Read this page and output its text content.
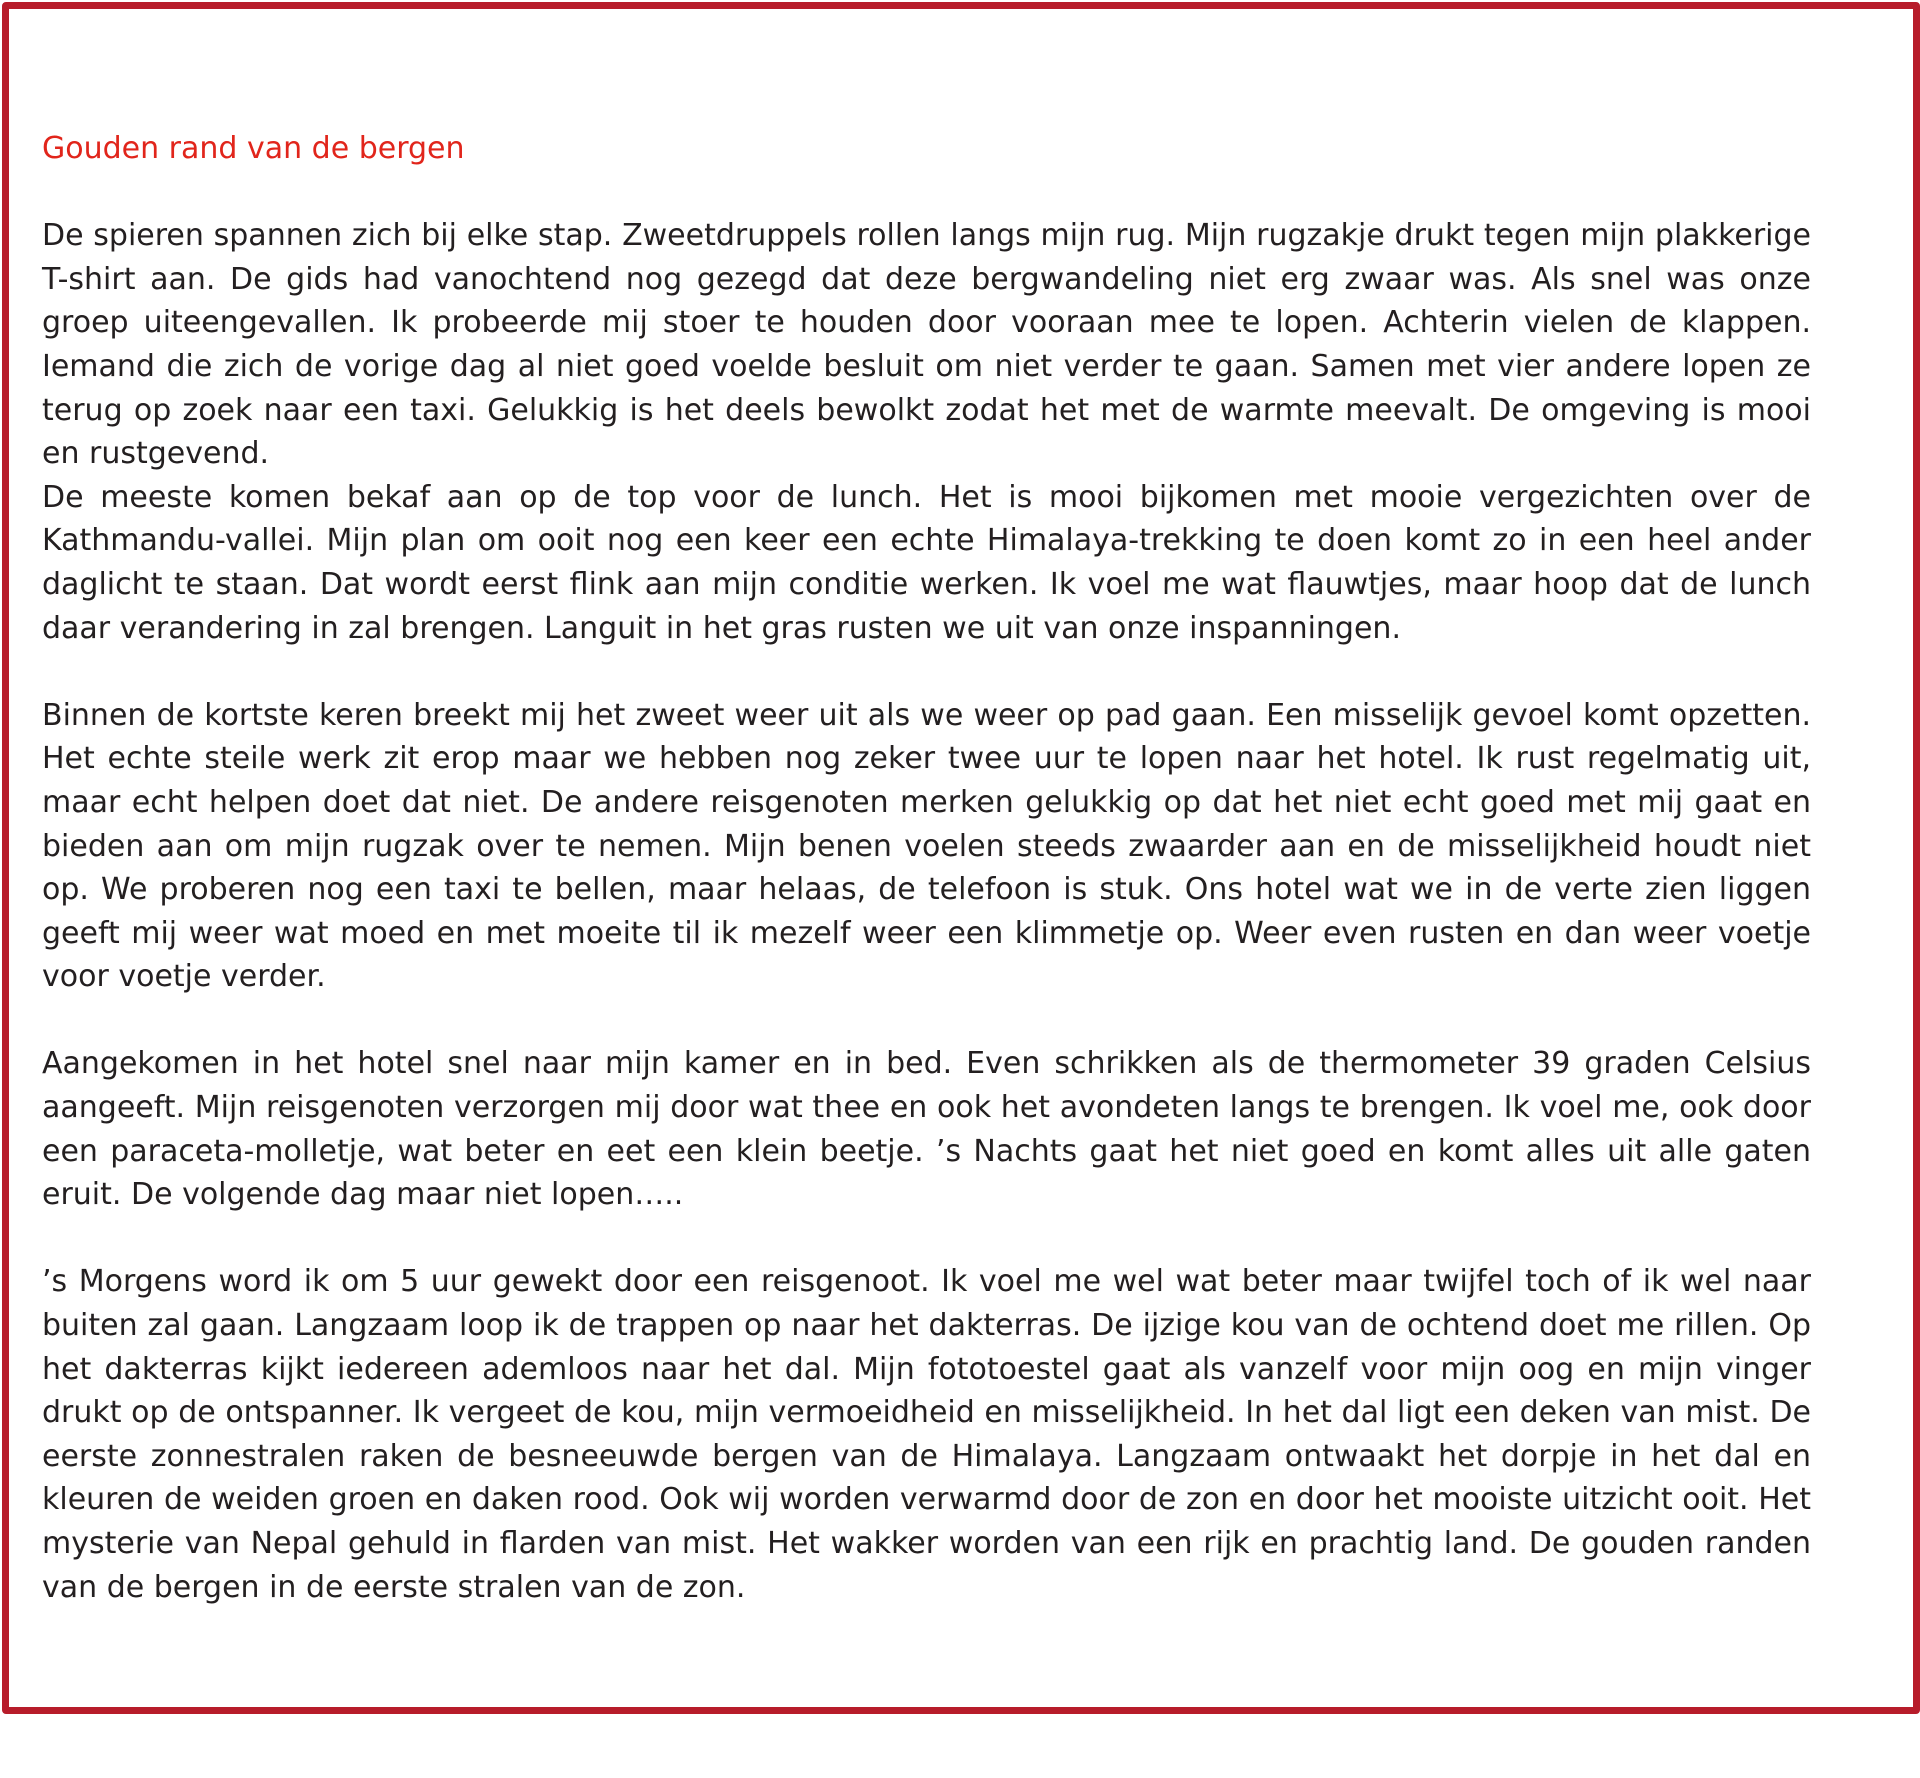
Gouden rand van de bergen

De spieren spannen zich bij elke stap. Zweetdruppels rollen langs mijn rug. Mijn rugzakje drukt tegen mijn plakkerige T-shirt aan. De gids had vanochtend nog gezegd dat deze bergwandeling niet erg zwaar was. Als snel was onze groep uiteengevallen. Ik probeerde mij stoer te houden door vooraan mee te lopen. Achterin vielen de klappen. Iemand die zich de vorige dag al niet goed voelde besluit om niet verder te gaan. Samen met vier andere lopen ze terug op zoek naar een taxi. Gelukkig is het deels bewolkt zodat het met de warmte meevalt. De omgeving is mooi en rustgevend.

De meeste komen bekaf aan op de top voor de lunch. Het is mooi bijkomen met mooie vergezichten over de Kathmandu-vallei. Mijn plan om ooit nog een keer een echte Himalaya-trekking te doen komt zo in een heel ander daglicht te staan. Dat wordt eerst flink aan mijn conditie werken. Ik voel me wat flauwtjes, maar hoop dat de lunch daar verandering in zal brengen. Languit in het gras rusten we uit van onze inspanningen.

Binnen de kortste keren breekt mij het zweet weer uit als we weer op pad gaan. Een misselijk gevoel komt opzetten. Het echte steile werk zit erop maar we hebben nog zeker twee uur te lopen naar het hotel. Ik rust regelmatig uit, maar echt helpen doet dat niet. De andere reisgenoten merken gelukkig op dat het niet echt goed met mij gaat en bieden aan om mijn rugzak over te nemen. Mijn benen voelen steeds zwaarder aan en de misselijkheid houdt niet op. We proberen nog een taxi te bellen, maar helaas, de telefoon is stuk. Ons hotel wat we in de verte zien liggen geeft mij weer wat moed en met moeite til ik mezelf weer een klimmetje op. Weer even rusten en dan weer voetje voor voetje verder.

Aangekomen in het hotel snel naar mijn kamer en in bed. Even schrikken als de thermometer 39 graden Celsius aangeeft. Mijn reisgenoten verzorgen mij door wat thee en ook het avondeten langs te brengen. Ik voel me, ook door een paraceta-molletje, wat beter en eet een klein beetje. ’s Nachts gaat het niet goed en komt alles uit alle gaten eruit. De volgende dag maar niet lopen…..

’s Morgens word ik om 5 uur gewekt door een reisgenoot. Ik voel me wel wat beter maar twijfel toch of ik wel naar buiten zal gaan. Langzaam loop ik de trappen op naar het dakterras. De ijzige kou van de ochtend doet me rillen. Op het dakterras kijkt iedereen ademloos naar het dal. Mijn fototoestel gaat als vanzelf voor mijn oog en mijn vinger drukt op de ontspanner. Ik vergeet de kou, mijn vermoeidheid en misselijkheid. In het dal ligt een deken van mist. De eerste zonnestralen raken de besneeuwde bergen van de Himalaya. Langzaam ontwaakt het dorpje in het dal en kleuren de weiden groen en daken rood. Ook wij worden verwarmd door de zon en door het mooiste uitzicht ooit. Het mysterie van Nepal gehuld in flarden van mist. Het wakker worden van een rijk en prachtig land. De gouden randen van de bergen in de eerste stralen van de zon.
